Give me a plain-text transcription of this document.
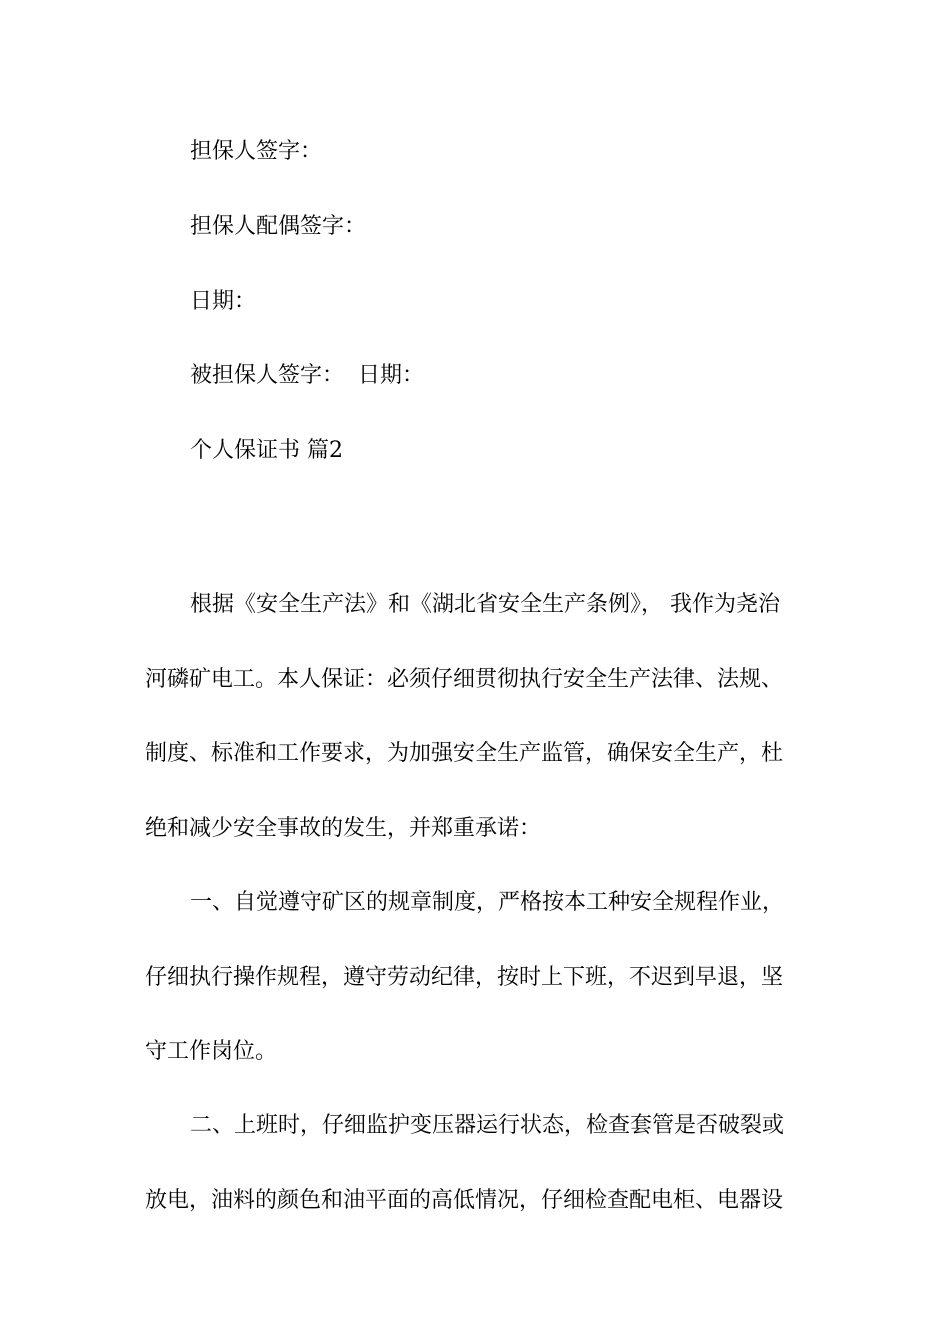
担保人签字：
担保人配偶签字：
日期：
被担保人签字： 日期：
个人保证书 篇2
根据《安全生产法》和《湖北省安全生产条例》， 我作为尧治
河磷矿电工。本人保证：必须仔细贯彻执行安全生产法律、法规、
制度、标准和工作要求，为加强安全生产监管，确保安全生产，杜
绝和减少安全事故的发生，并郑重承诺：
一、自觉遵守矿区的规章制度，严格按本工种安全规程作业，
仔细执行操作规程，遵守劳动纪律，按时上下班，不迟到早退，坚
守工作岗位。
二、上班时，仔细监护变压器运行状态，检查套管是否破裂或
放电，油料的颜色和油平面的高低情况，仔细检查配电柜、电器设
